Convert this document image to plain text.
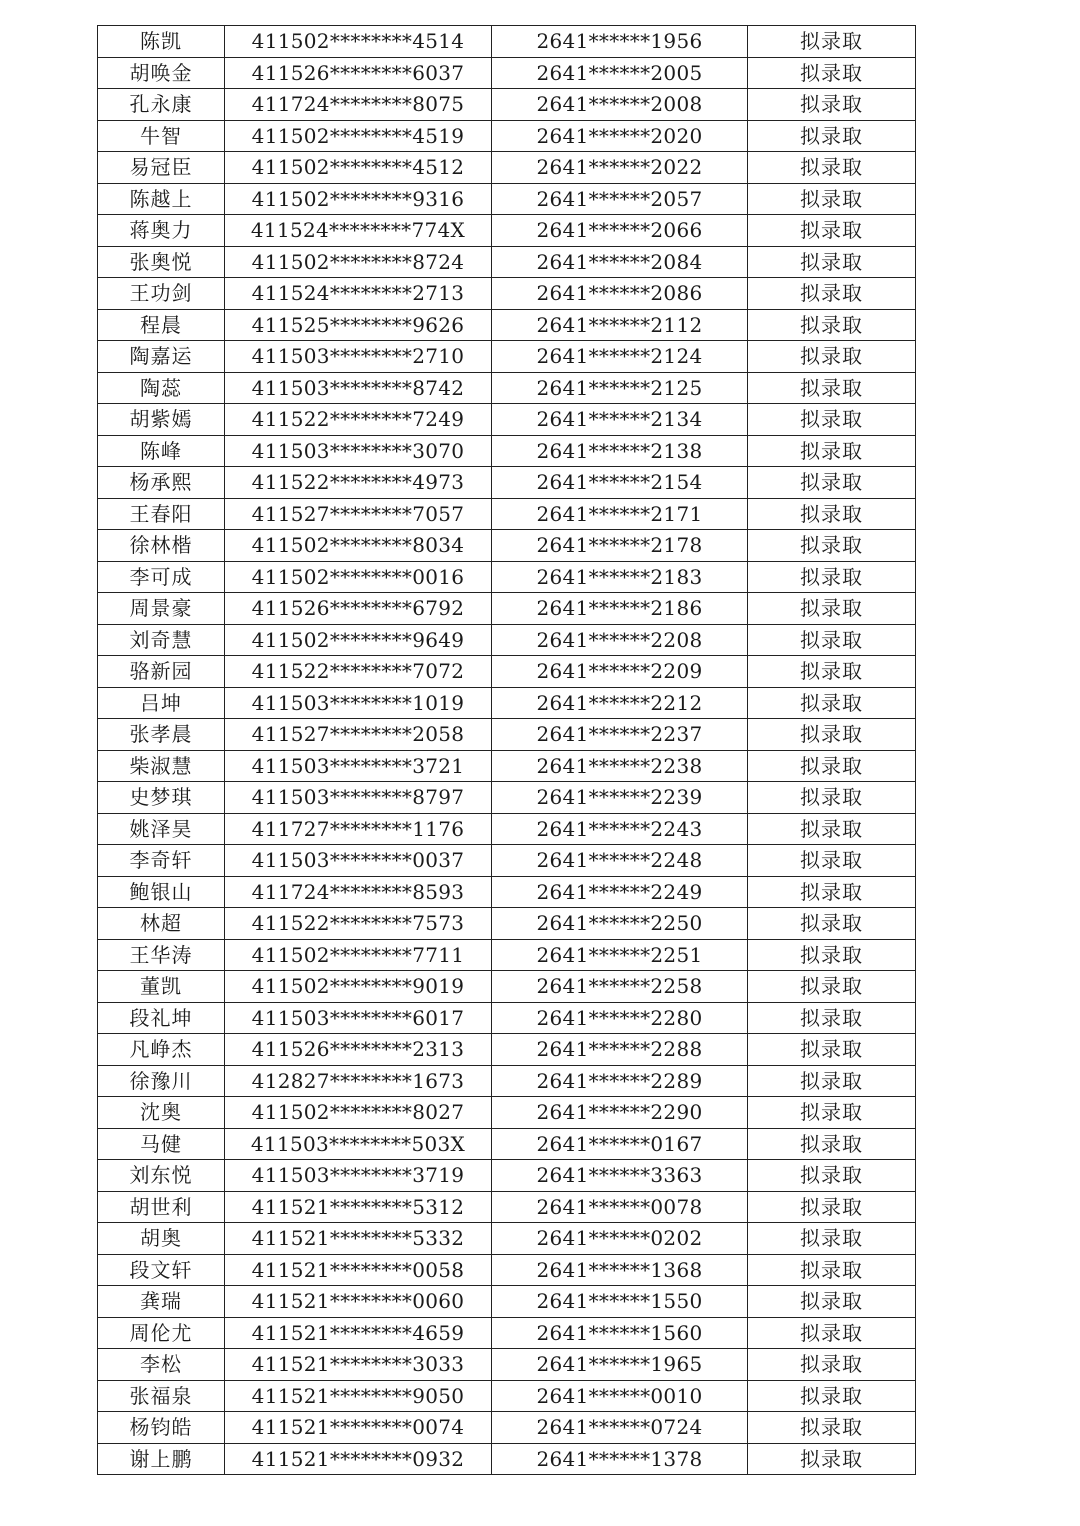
陈凯	411502********4514	2641******1956	拟录取
胡唤金	411526********6037	2641******2005	拟录取
孔永康	411724********8075	2641******2008	拟录取
牛智	411502********4519	2641******2020	拟录取
易冠臣	411502********4512	2641******2022	拟录取
陈越上	411502********9316	2641******2057	拟录取
蒋奥力	411524********774X	2641******2066	拟录取
张奥悦	411502********8724	2641******2084	拟录取
王功剑	411524********2713	2641******2086	拟录取
程晨	411525********9626	2641******2112	拟录取
陶嘉运	411503********2710	2641******2124	拟录取
陶蕊	411503********8742	2641******2125	拟录取
胡紫嫣	411522********7249	2641******2134	拟录取
陈峰	411503********3070	2641******2138	拟录取
杨承熙	411522********4973	2641******2154	拟录取
王春阳	411527********7057	2641******2171	拟录取
徐林楷	411502********8034	2641******2178	拟录取
李可成	411502********0016	2641******2183	拟录取
周景豪	411526********6792	2641******2186	拟录取
刘奇慧	411502********9649	2641******2208	拟录取
骆新园	411522********7072	2641******2209	拟录取
吕坤	411503********1019	2641******2212	拟录取
张孝晨	411527********2058	2641******2237	拟录取
柴淑慧	411503********3721	2641******2238	拟录取
史梦琪	411503********8797	2641******2239	拟录取
姚泽昊	411727********1176	2641******2243	拟录取
李奇轩	411503********0037	2641******2248	拟录取
鲍银山	411724********8593	2641******2249	拟录取
林超	411522********7573	2641******2250	拟录取
王华涛	411502********7711	2641******2251	拟录取
董凯	411502********9019	2641******2258	拟录取
段礼坤	411503********6017	2641******2280	拟录取
凡峥杰	411526********2313	2641******2288	拟录取
徐豫川	412827********1673	2641******2289	拟录取
沈奥	411502********8027	2641******2290	拟录取
马健	411503********503X	2641******0167	拟录取
刘东悦	411503********3719	2641******3363	拟录取
胡世利	411521********5312	2641******0078	拟录取
胡奥	411521********5332	2641******0202	拟录取
段文轩	411521********0058	2641******1368	拟录取
龚瑞	411521********0060	2641******1550	拟录取
周伦尤	411521********4659	2641******1560	拟录取
李松	411521********3033	2641******1965	拟录取
张福泉	411521********9050	2641******0010	拟录取
杨钧皓	411521********0074	2641******0724	拟录取
谢上鹏	411521********0932	2641******1378	拟录取
